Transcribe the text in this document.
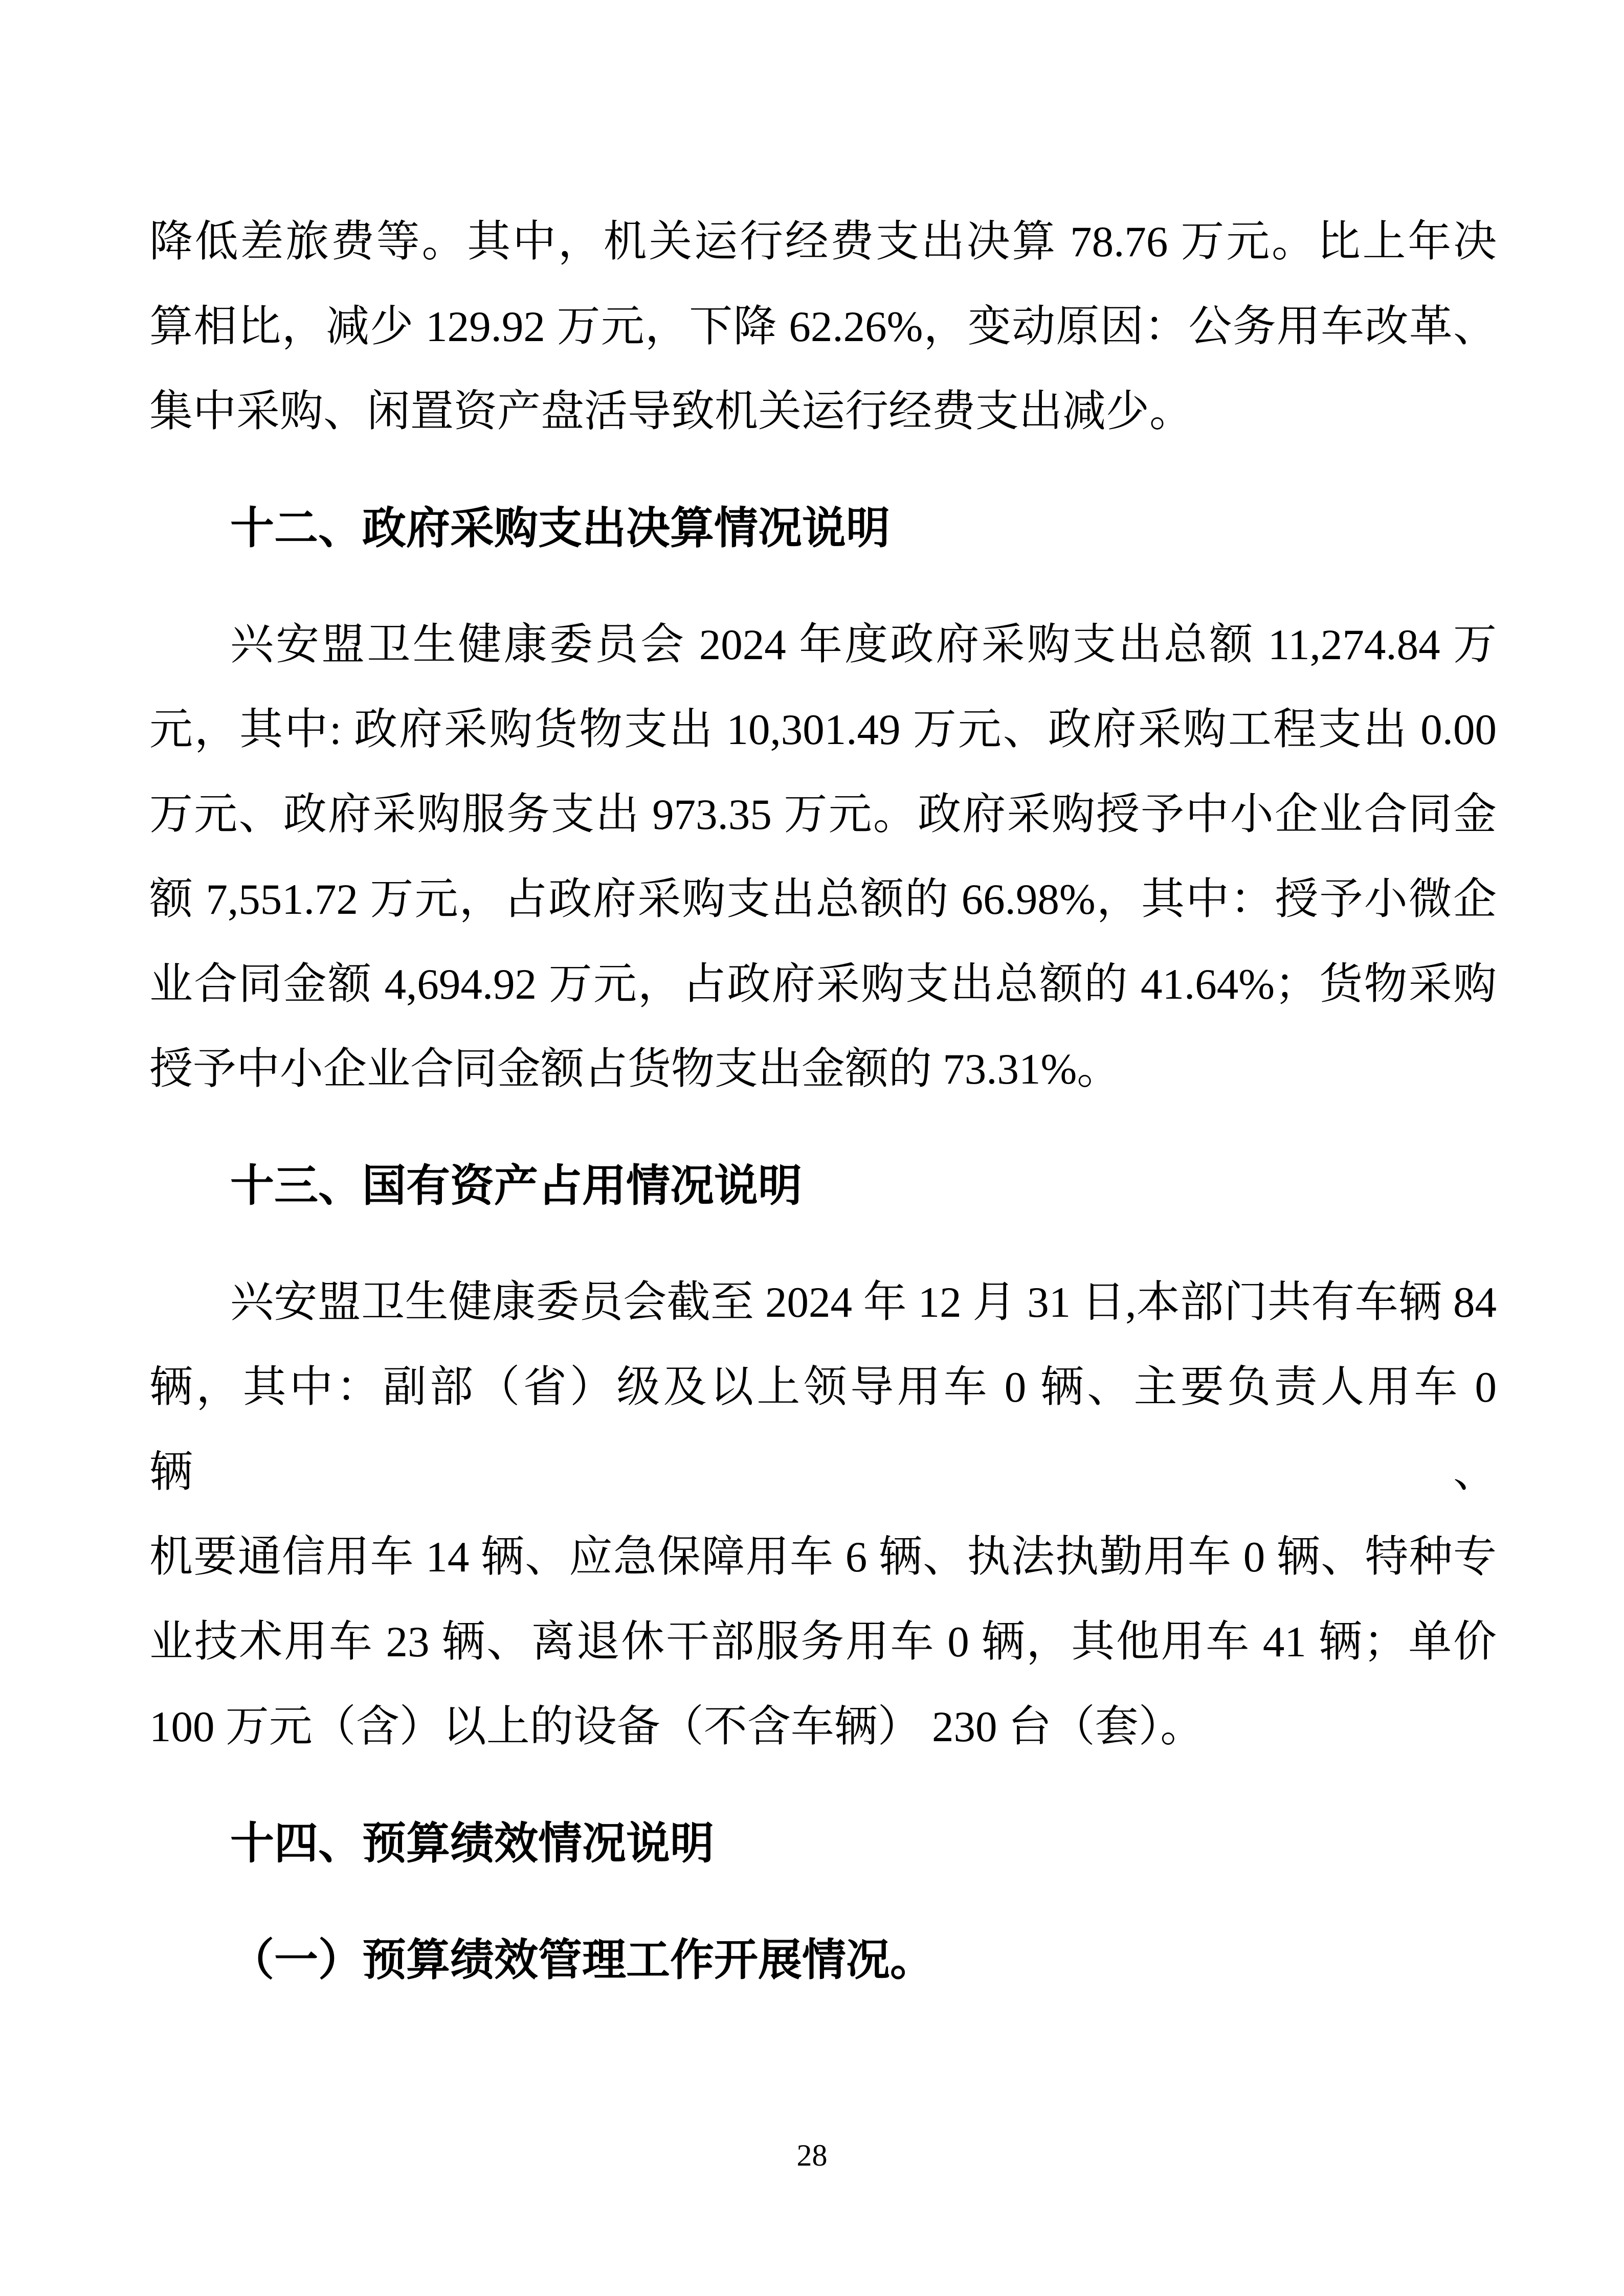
降低差旅费等。其中，机关运行经费支出决算 78.76 万元。比上年决

算相比，减少 129.92 万元，下降 62.26%，变动原因：公务用车改革、

集中采购、闲置资产盘活导致机关运行经费支出减少。

十二、政府采购支出决算情况说明

兴安盟卫生健康委员会 2024 年度政府采购支出总额 11,274.84 万

元，其中: 政府采购货物支出 10,301.49 万元、政府采购工程支出 0.00

万元、政府采购服务支出 973.35 万元。政府采购授予中小企业合同金

额 7,551.72 万元，占政府采购支出总额的 66.98%，其中：授予小微企

业合同金额 4,694.92 万元，占政府采购支出总额的 41.64%；货物采购

授予中小企业合同金额占货物支出金额的 73.31%。

十三、国有资产占用情况说明

兴安盟卫生健康委员会截至 2024 年 12 月 31 日,本部门共有车辆 84

辆，其中：副部（省）级及以上领导用车 0 辆、主要负责人用车 0 辆、

机要通信用车 14 辆、应急保障用车 6 辆、执法执勤用车 0 辆、特种专

业技术用车 23 辆、离退休干部服务用车 0 辆，其他用车 41 辆；单价

100 万元（含）以上的设备（不含车辆） 230 台（套）。

十四、预算绩效情况说明
（一）预算绩效管理工作开展情况。
28
